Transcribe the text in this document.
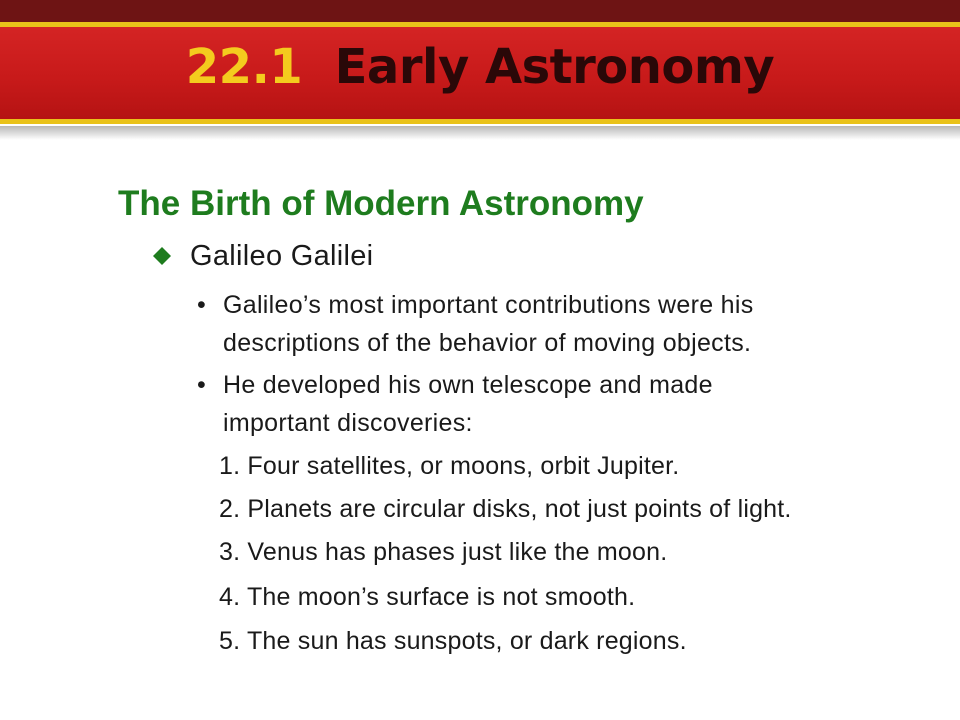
22.1 Early Astronomy
The Birth of Modern Astronomy
Galileo Galilei
• Galileo’s most important contributions were his
descriptions of the behavior of moving objects.
• He developed his own telescope and made
important discoveries:
1. Four satellites, or moons, orbit Jupiter.
2. Planets are circular disks, not just points of light.
3. Venus has phases just like the moon.
4. The moon’s surface is not smooth.
5. The sun has sunspots, or dark regions.
